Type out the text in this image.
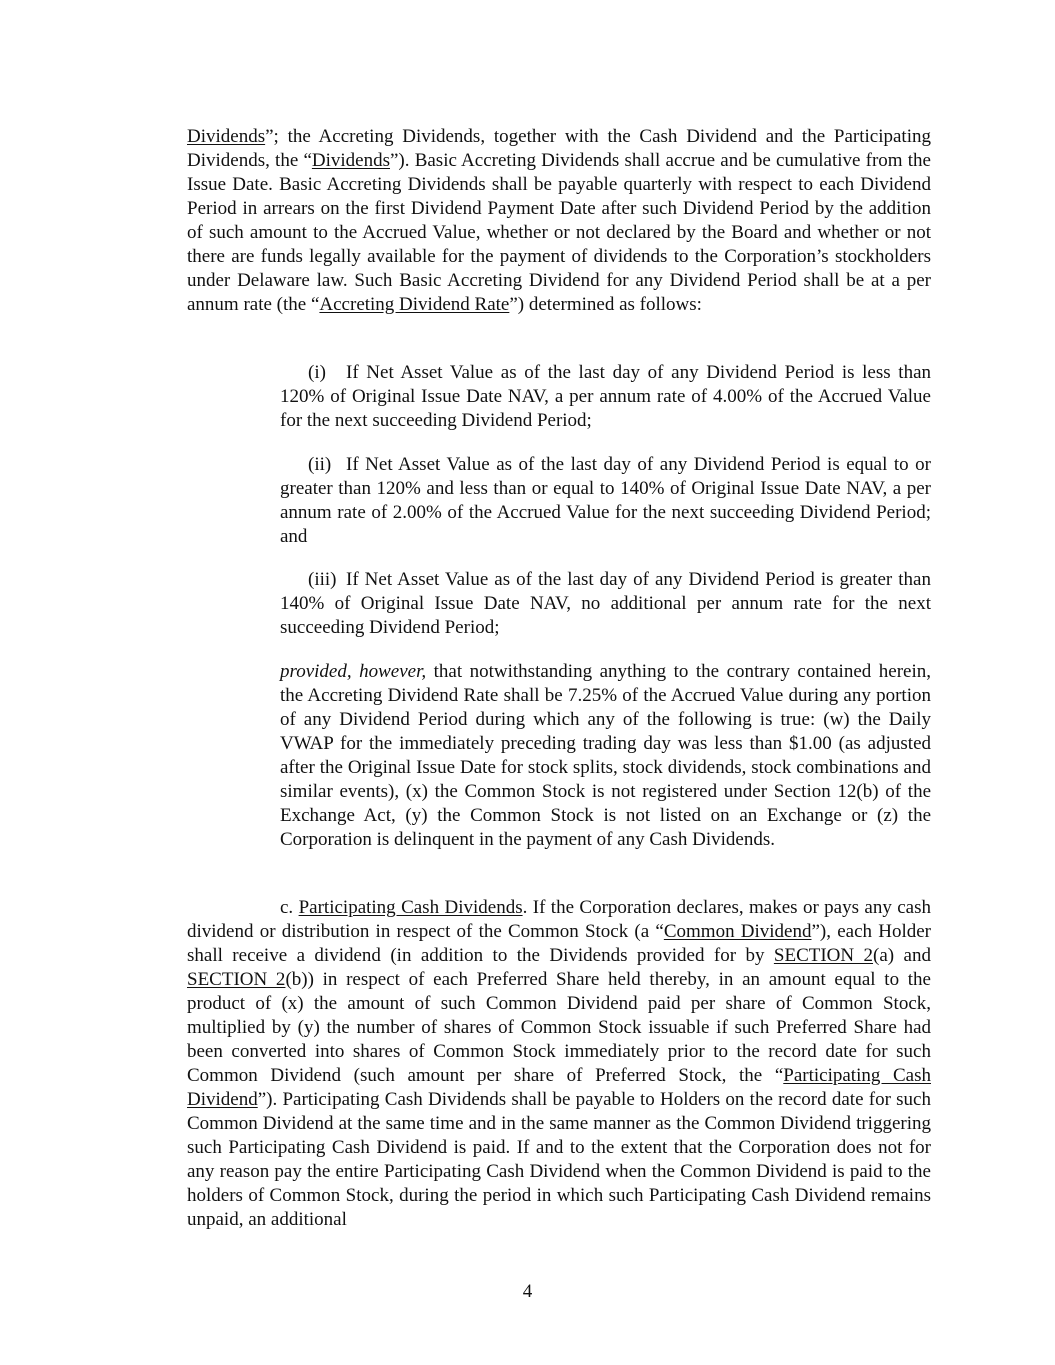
Dividends”; the Accreting Dividends, together with the Cash Dividend and the Participating Dividends, the “Dividends”). Basic Accreting Dividends shall accrue and be cumulative from the Issue Date. Basic Accreting Dividends shall be payable quarterly with respect to each Dividend Period in arrears on the first Dividend Payment Date after such Dividend Period by the addition of such amount to the Accrued Value, whether or not declared by the Board and whether or not there are funds legally available for the payment of dividends to the Corporation’s stockholders under Delaware law. Such Basic Accreting Dividend for any Dividend Period shall be at a per annum rate (the “Accreting Dividend Rate”) determined as follows:

(i) If Net Asset Value as of the last day of any Dividend Period is less than 120% of Original Issue Date NAV, a per annum rate of 4.00% of the Accrued Value for the next succeeding Dividend Period;

(ii) If Net Asset Value as of the last day of any Dividend Period is equal to or greater than 120% and less than or equal to 140% of Original Issue Date NAV, a per annum rate of 2.00% of the Accrued Value for the next succeeding Dividend Period; and

(iii) If Net Asset Value as of the last day of any Dividend Period is greater than 140% of Original Issue Date NAV, no additional per annum rate for the next succeeding Dividend Period;

provided, however, that notwithstanding anything to the contrary contained herein, the Accreting Dividend Rate shall be 7.25% of the Accrued Value during any portion of any Dividend Period during which any of the following is true: (w) the Daily VWAP for the immediately preceding trading day was less than $1.00 (as adjusted after the Original Issue Date for stock splits, stock dividends, stock combinations and similar events), (x) the Common Stock is not registered under Section 12(b) of the Exchange Act, (y) the Common Stock is not listed on an Exchange or (z) the Corporation is delinquent in the payment of any Cash Dividends.

c. Participating Cash Dividends. If the Corporation declares, makes or pays any cash dividend or distribution in respect of the Common Stock (a “Common Dividend”), each Holder shall receive a dividend (in addition to the Dividends provided for by SECTION 2(a) and SECTION 2(b)) in respect of each Preferred Share held thereby, in an amount equal to the product of (x) the amount of such Common Dividend paid per share of Common Stock, multiplied by (y) the number of shares of Common Stock issuable if such Preferred Share had been converted into shares of Common Stock immediately prior to the record date for such Common Dividend (such amount per share of Preferred Stock, the “Participating Cash Dividend”). Participating Cash Dividends shall be payable to Holders on the record date for such Common Dividend at the same time and in the same manner as the Common Dividend triggering such Participating Cash Dividend is paid. If and to the extent that the Corporation does not for any reason pay the entire Participating Cash Dividend when the Common Dividend is paid to the holders of Common Stock, during the period in which such Participating Cash Dividend remains unpaid, an additional

4
